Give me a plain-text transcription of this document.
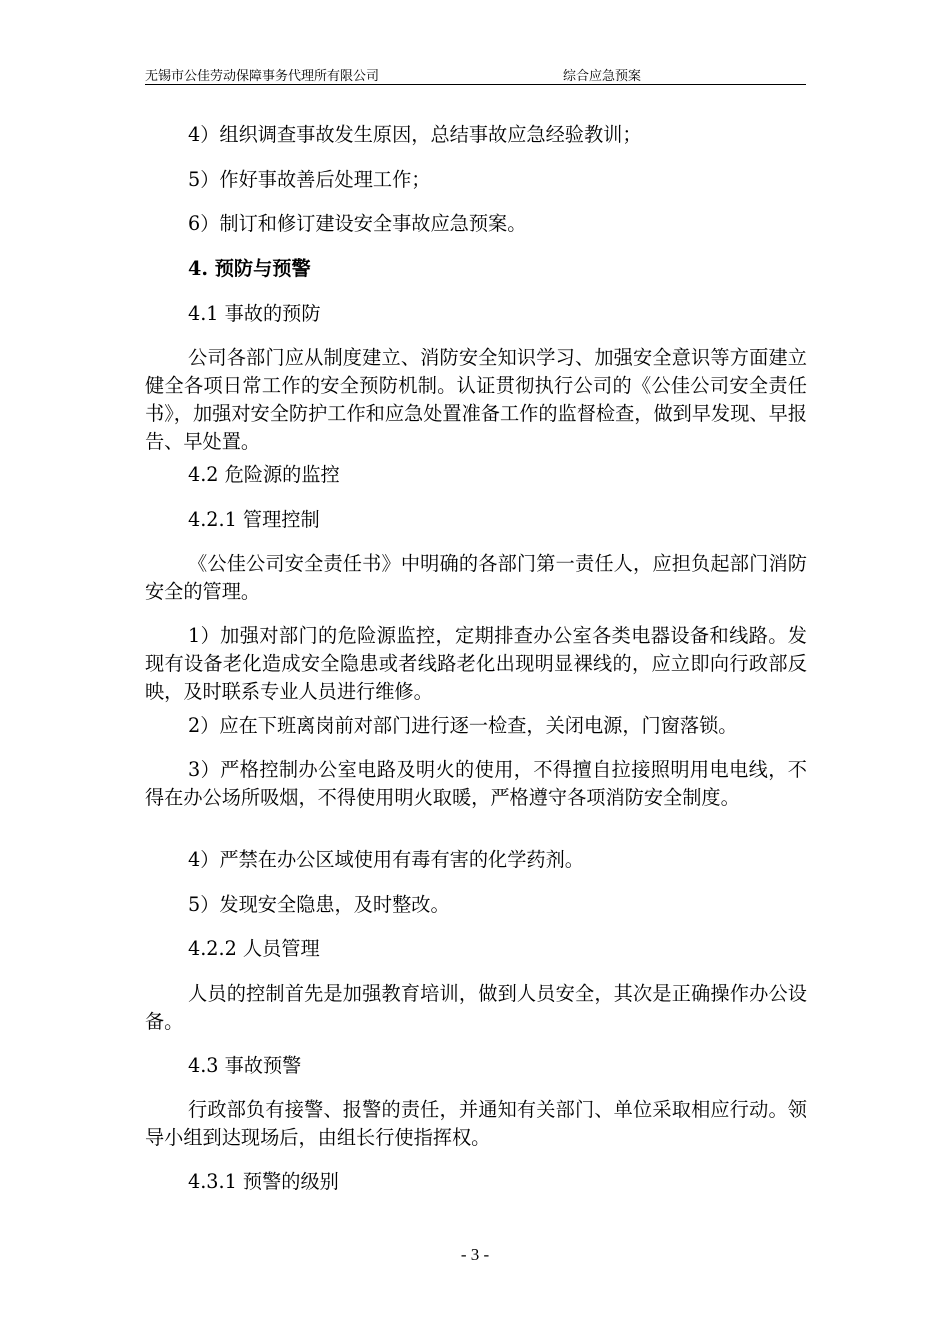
无锡市公佳劳动保障事务代理所有限公司	综合应急预案
4）组织调查事故发生原因，总结事故应急经验教训；
5）作好事故善后处理工作；
6）制订和修订建设安全事故应急预案。
4. 预防与预警
4.1 事故的预防
公司各部门应从制度建立、消防安全知识学习、加强安全意识等方面建立健全各项日常工作的安全预防机制。认证贯彻执行公司的《公佳公司安全责任书》，加强对安全防护工作和应急处置准备工作的监督检查，做到早发现、早报告、早处置。
4.2 危险源的监控
4.2.1 管理控制
《公佳公司安全责任书》中明确的各部门第一责任人，应担负起部门消防安全的管理。
1）加强对部门的危险源监控，定期排查办公室各类电器设备和线路。发现有设备老化造成安全隐患或者线路老化出现明显裸线的，应立即向行政部反映，及时联系专业人员进行维修。
2）应在下班离岗前对部门进行逐一检查，关闭电源，门窗落锁。
3）严格控制办公室电路及明火的使用，不得擅自拉接照明用电电线，不得在办公场所吸烟，不得使用明火取暖，严格遵守各项消防安全制度。
4）严禁在办公区域使用有毒有害的化学药剂。
5）发现安全隐患，及时整改。
4.2.2 人员管理
人员的控制首先是加强教育培训，做到人员安全，其次是正确操作办公设备。
4.3 事故预警
行政部负有接警、报警的责任，并通知有关部门、单位采取相应行动。领导小组到达现场后，由组长行使指挥权。
4.3.1 预警的级别
- 3 -
